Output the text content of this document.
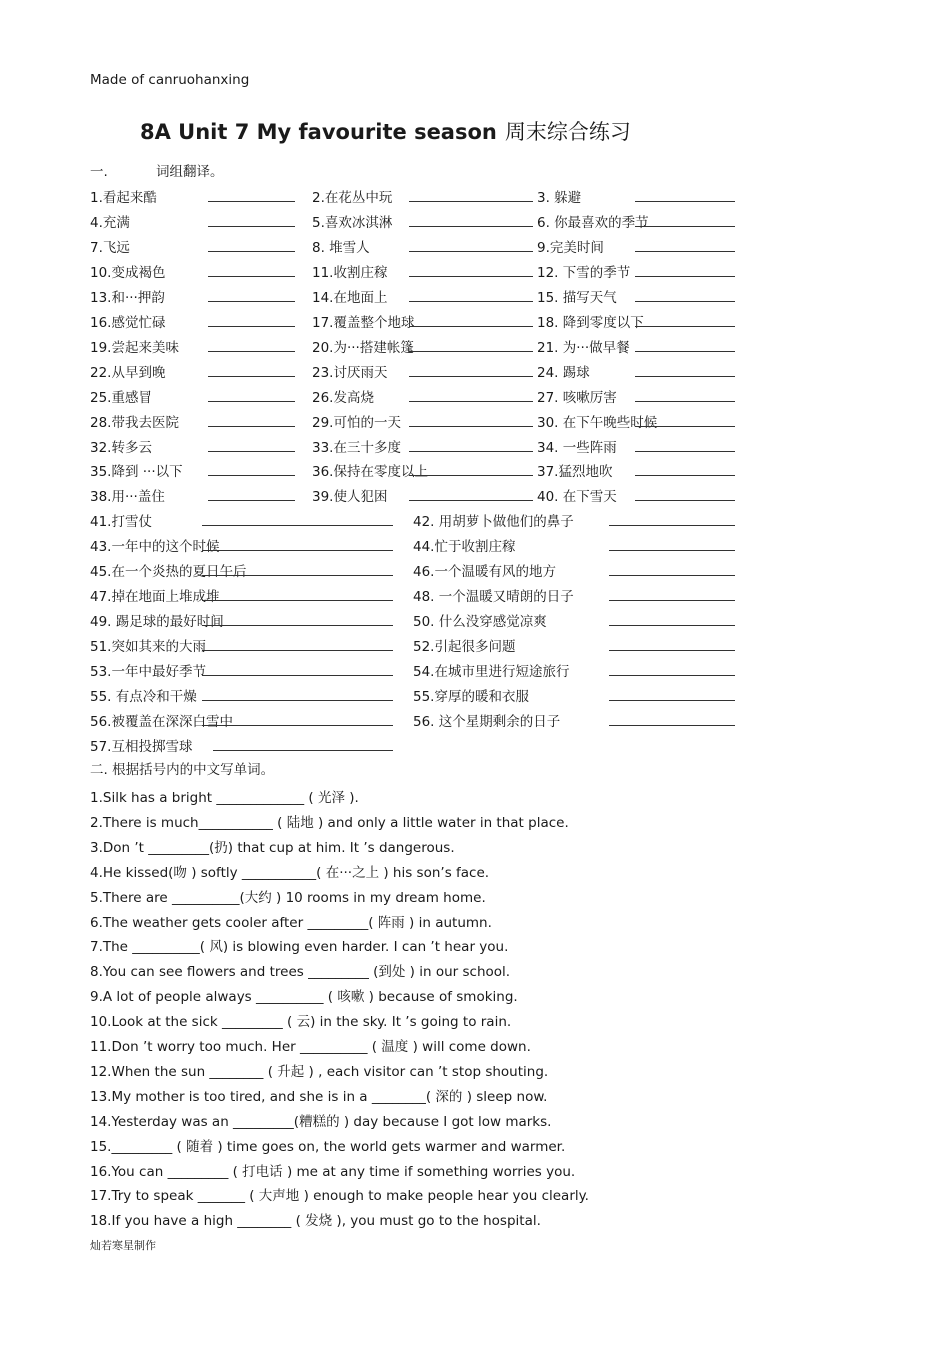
Made of canruohanxing
8A Unit 7 My favourite season 周末综合练习
一.	词组翻译。
1.看起来酷	2.在花丛中玩	3. 躲避
4.充满	5.喜欢冰淇淋	6. 你最喜欢的季节
7.飞远	8. 堆雪人	9.完美时间
10.变成褐色	11.收割庄稼	12. 下雪的季节
13.和···押韵	14.在地面上	15. 描写天气
16.感觉忙碌	17.覆盖整个地球	18. 降到零度以下
19.尝起来美味	20.为···搭建帐篷	21. 为···做早餐
22.从早到晚	23.讨厌雨天	24. 踢球
25.重感冒	26.发高烧	27. 咳嗽厉害
28.带我去医院	29.可怕的一天	30. 在下午晚些时候
32.转多云	33.在三十多度	34. 一些阵雨
35.降到 ···以下	36.保持在零度以上	37.猛烈地吹
38.用···盖住	39.使人犯困	40. 在下雪天
41.打雪仗	42. 用胡萝卜做他们的鼻子
43.一年中的这个时候	44.忙于收割庄稼
45.在一个炎热的夏日午后	46.一个温暖有风的地方
47.掉在地面上堆成堆	48. 一个温暖又晴朗的日子
49. 踢足球的最好时间	50. 什么没穿感觉凉爽
51.突如其来的大雨	52.引起很多问题
53.一年中最好季节	54.在城市里进行短途旅行
55. 有点冷和干燥	55.穿厚的暖和衣服
56.被覆盖在深深白雪中	56. 这个星期剩余的日子
57.互相投掷雪球
二. 根据括号内的中文写单词。
1.Silk has a bright _____________ ( 光泽 ).
2.There is much___________ ( 陆地 ) and only a little water in that place.
3.Don ’t _________(扔) that cup at him. It ’s dangerous.
4.He kissed(吻 ) softly ___________( 在···之上 ) his son’s face.
5.There are __________(大约 ) 10 rooms in my dream home.
6.The weather gets cooler after _________( 阵雨 ) in autumn.
7.The __________( 风) is blowing even harder. I can ’t hear you.
8.You can see flowers and trees _________ (到处 ) in our school.
9.A lot of people always __________ ( 咳嗽 ) because of smoking.
10.Look at the sick _________ ( 云) in the sky. It ’s going to rain.
11.Don ’t worry too much. Her __________ ( 温度 ) will come down.
12.When the sun ________ ( 升起 ) , each visitor can ’t stop shouting.
13.My mother is too tired, and she is in a ________( 深的 ) sleep now.
14.Yesterday was an _________(糟糕的 ) day because I got low marks.
15._________ ( 随着 ) time goes on, the world gets warmer and warmer.
16.You can _________ ( 打电话 ) me at any time if something worries you.
17.Try to speak _______ ( 大声地 ) enough to make people hear you clearly.
18.If you have a high ________ ( 发烧 ), you must go to the hospital.
灿若寒星制作
